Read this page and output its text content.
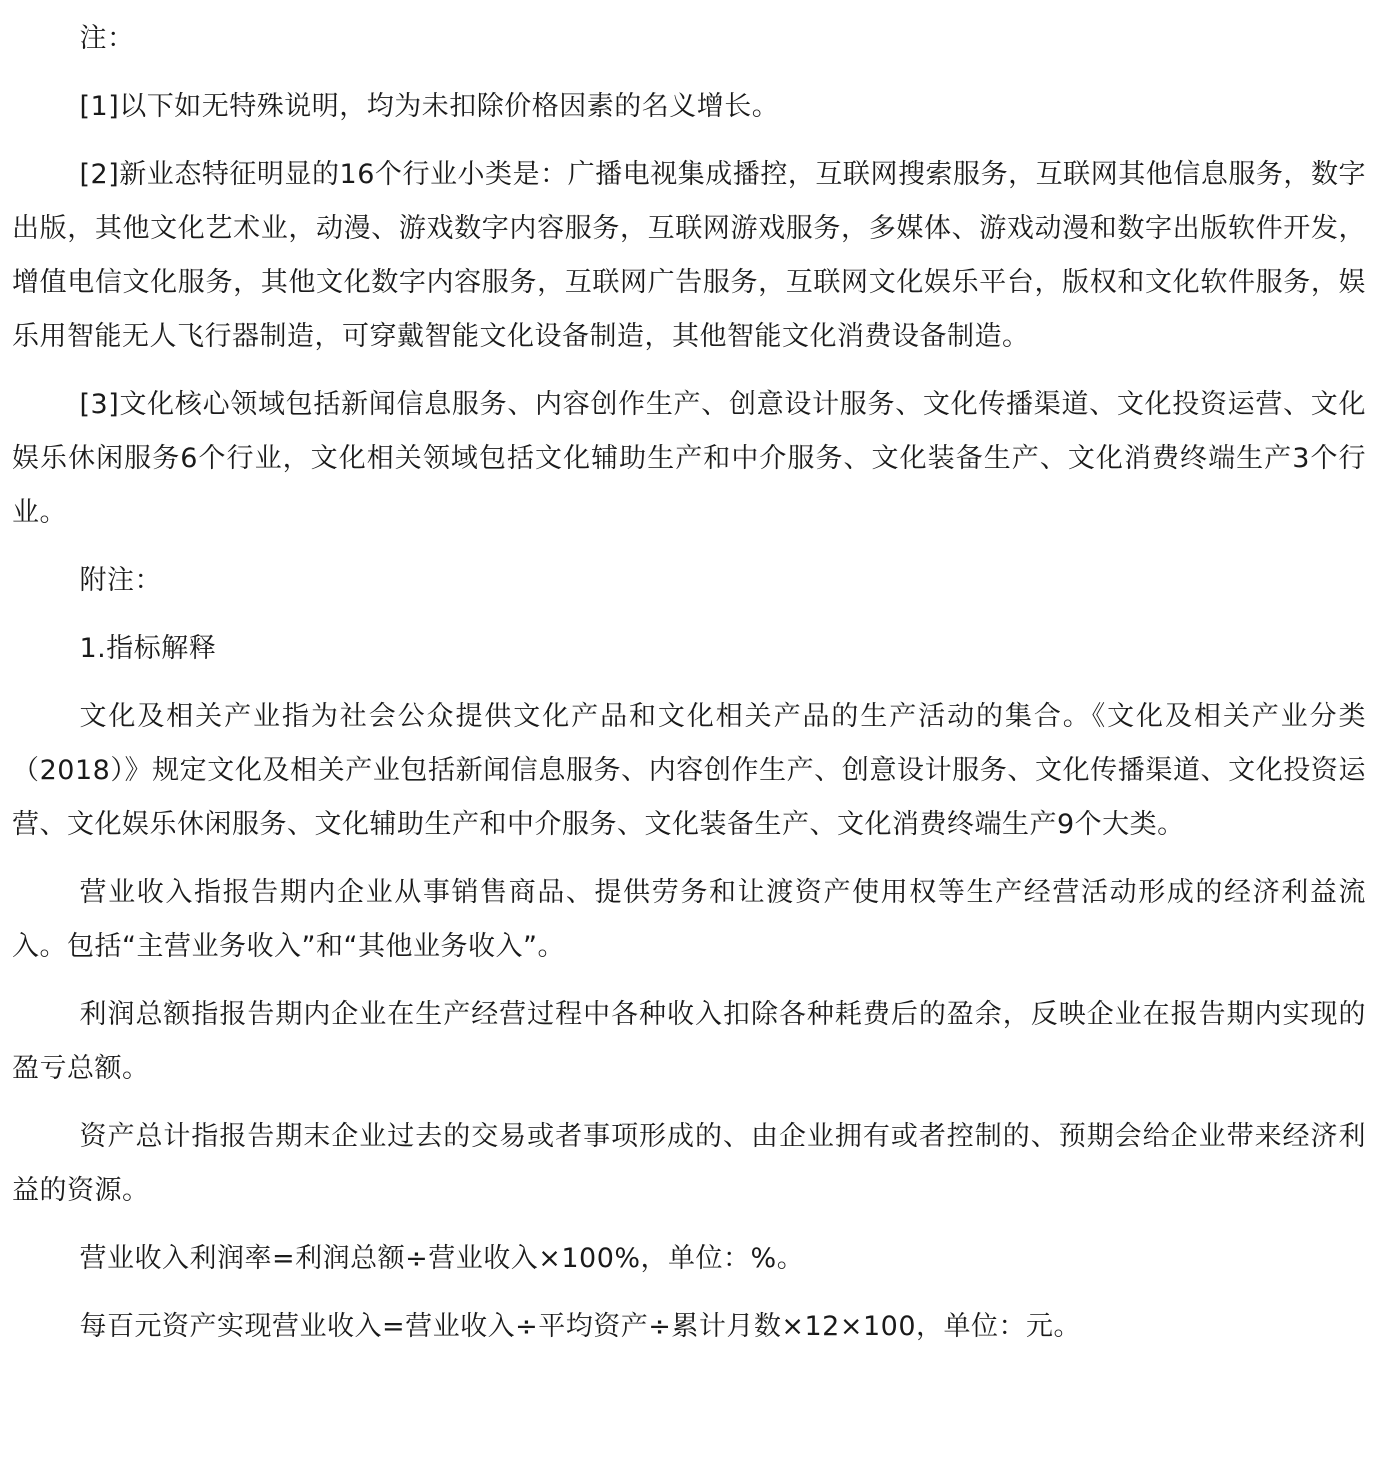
注：

[1]以下如无特殊说明，均为未扣除价格因素的名义增长。

[2]新业态特征明显的16个行业小类是：广播电视集成播控，互联网搜索服务，互联网其他信息服务，数字出版，其他文化艺术业，动漫、游戏数字内容服务，互联网游戏服务，多媒体、游戏动漫和数字出版软件开发，增值电信文化服务，其他文化数字内容服务，互联网广告服务，互联网文化娱乐平台，版权和文化软件服务，娱乐用智能无人飞行器制造，可穿戴智能文化设备制造，其他智能文化消费设备制造。

[3]文化核心领域包括新闻信息服务、内容创作生产、创意设计服务、文化传播渠道、文化投资运营、文化娱乐休闲服务6个行业，文化相关领域包括文化辅助生产和中介服务、文化装备生产、文化消费终端生产3个行业。

附注：

1.指标解释

文化及相关产业指为社会公众提供文化产品和文化相关产品的生产活动的集合。《文化及相关产业分类（2018）》规定文化及相关产业包括新闻信息服务、内容创作生产、创意设计服务、文化传播渠道、文化投资运营、文化娱乐休闲服务、文化辅助生产和中介服务、文化装备生产、文化消费终端生产9个大类。

营业收入指报告期内企业从事销售商品、提供劳务和让渡资产使用权等生产经营活动形成的经济利益流入。包括“主营业务收入”和“其他业务收入”。

利润总额指报告期内企业在生产经营过程中各种收入扣除各种耗费后的盈余，反映企业在报告期内实现的盈亏总额。

资产总计指报告期末企业过去的交易或者事项形成的、由企业拥有或者控制的、预期会给企业带来经济利益的资源。

营业收入利润率=利润总额÷营业收入×100%，单位：%。

每百元资产实现营业收入=营业收入÷平均资产÷累计月数×12×100，单位：元。
